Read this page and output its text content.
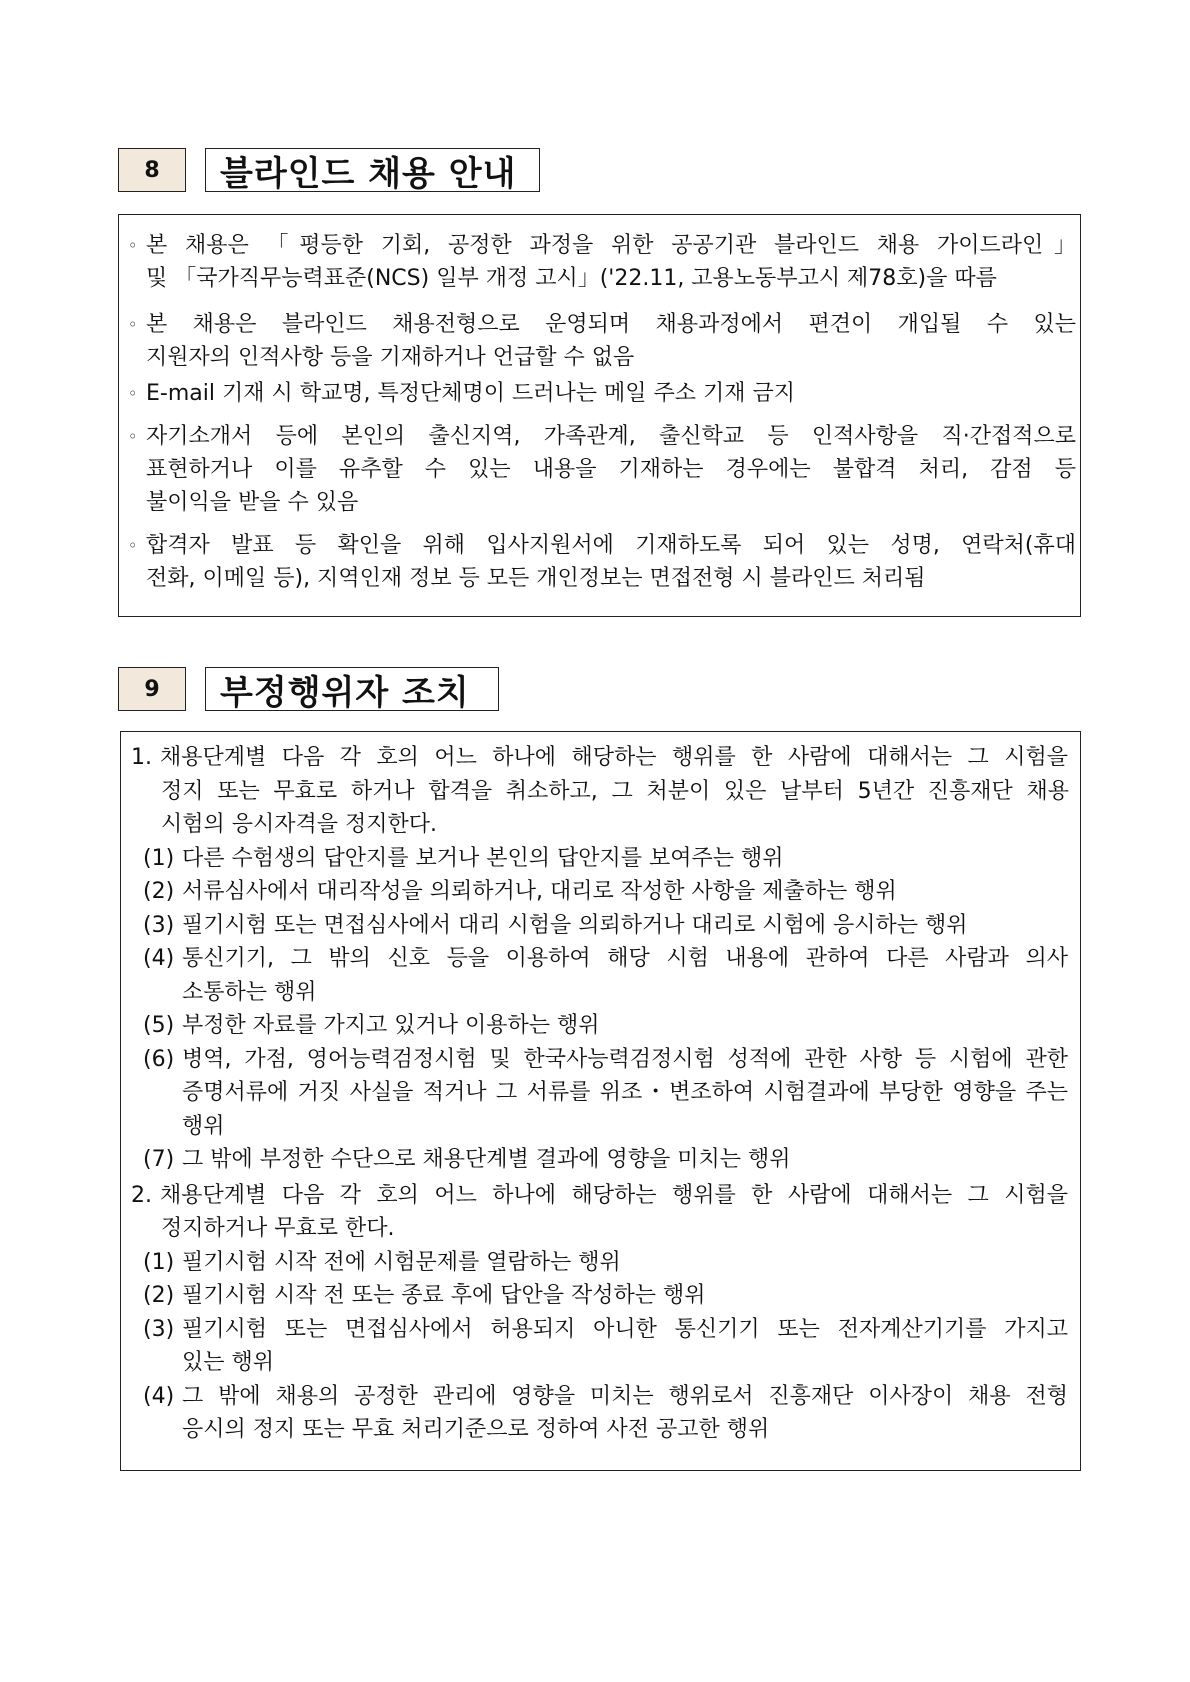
8	블라인드 채용 안내
◦ 본 채용은 「평등한 기회, 공정한 과정을 위한 공공기관 블라인드 채용 가이드라인」
및 「국가직무능력표준(NCS) 일부 개정 고시」('22.11, 고용노동부고시 제78호)을 따름
◦ 본 채용은 블라인드 채용전형으로 운영되며 채용과정에서 편견이 개입될 수 있는
지원자의 인적사항 등을 기재하거나 언급할 수 없음
◦ E-mail 기재 시 학교명, 특정단체명이 드러나는 메일 주소 기재 금지
◦ 자기소개서 등에 본인의 출신지역, 가족관계, 출신학교 등 인적사항을 직·간접적으로
표현하거나 이를 유추할 수 있는 내용을 기재하는 경우에는 불합격 처리, 감점 등
불이익을 받을 수 있음
◦ 합격자 발표 등 확인을 위해 입사지원서에 기재하도록 되어 있는 성명, 연락처(휴대
전화, 이메일 등), 지역인재 정보 등 모든 개인정보는 면접전형 시 블라인드 처리됨
9	부정행위자 조치
1. 채용단계별 다음 각 호의 어느 하나에 해당하는 행위를 한 사람에 대해서는 그 시험을
정지 또는 무효로 하거나 합격을 취소하고, 그 처분이 있은 날부터 5년간 진흥재단 채용
시험의 응시자격을 정지한다.
(1) 다른 수험생의 답안지를 보거나 본인의 답안지를 보여주는 행위
(2) 서류심사에서 대리작성을 의뢰하거나, 대리로 작성한 사항을 제출하는 행위
(3) 필기시험 또는 면접심사에서 대리 시험을 의뢰하거나 대리로 시험에 응시하는 행위
(4) 통신기기, 그 밖의 신호 등을 이용하여 해당 시험 내용에 관하여 다른 사람과 의사
소통하는 행위
(5) 부정한 자료를 가지고 있거나 이용하는 행위
(6) 병역, 가점, 영어능력검정시험 및 한국사능력검정시험 성적에 관한 사항 등 시험에 관한
증명서류에 거짓 사실을 적거나 그 서류를 위조・변조하여 시험결과에 부당한 영향을 주는
행위
(7) 그 밖에 부정한 수단으로 채용단계별 결과에 영향을 미치는 행위
2. 채용단계별 다음 각 호의 어느 하나에 해당하는 행위를 한 사람에 대해서는 그 시험을
정지하거나 무효로 한다.
(1) 필기시험 시작 전에 시험문제를 열람하는 행위
(2) 필기시험 시작 전 또는 종료 후에 답안을 작성하는 행위
(3) 필기시험 또는 면접심사에서 허용되지 아니한 통신기기 또는 전자계산기기를 가지고
있는 행위
(4) 그 밖에 채용의 공정한 관리에 영향을 미치는 행위로서 진흥재단 이사장이 채용 전형
응시의 정지 또는 무효 처리기준으로 정하여 사전 공고한 행위
